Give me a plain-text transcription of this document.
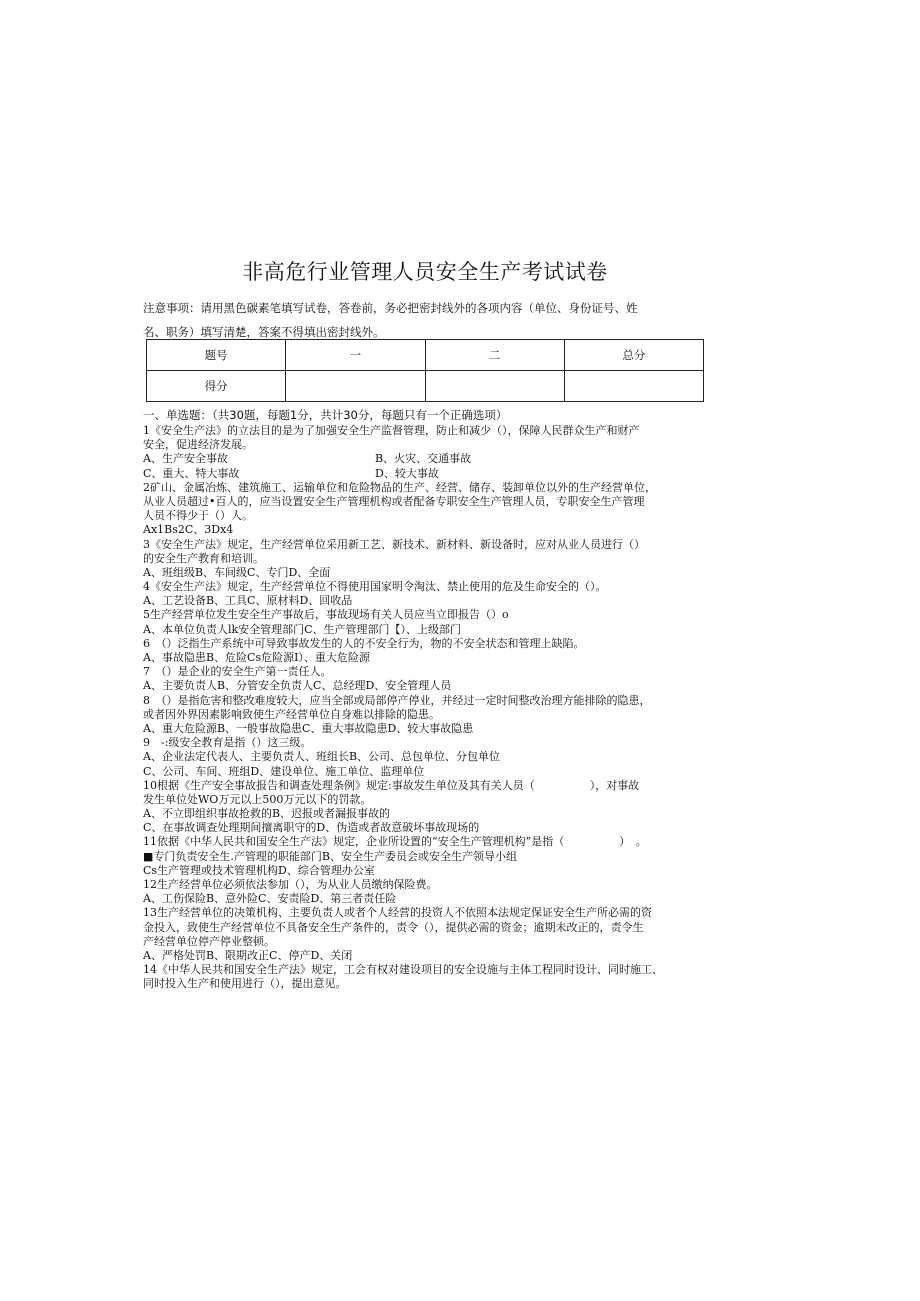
非高危行业管理人员安全生产考试试卷
注意事项：请用黑色碳素笔填写试卷，答卷前，务必把密封线外的各项内容（单位、身份证号、姓
名、职务）填写清楚，答案不得填出密封线外。
题号	一	二	总分
得分			
一、单选题：（共30题，每题1分，共计30分，每题只有一个正确选项）
1《安全生产法》的立法目的是为了加强安全生产监督管理，防止和减少（），保障人民群众生产和财产
安全，促进经济发展。
A、生产安全事故	B、火灾、交通事故
C、重大、特大事故	D、较大事故
2矿山、金属冶炼、建筑施工、运输单位和危险物品的生产、经营、储存、装卸单位以外的生产经营单位，
从业人员超过•百人的，应当设置安全生产管理机构或者配备专职安全生产管理人员，专职安全生产管理
人员不得少于（）人。
Ax1Bs2C、3Dx4
3《安全生产法》规定，生产经营单位采用新工艺、新技术、新材料、新设备时，应对从业人员进行（）
的安全生产教育和培训。
A、班组级B、车间级C、专门D、全面
4《安全生产法》规定，生产经营单位不得使用国家明令淘汰、禁止使用的危及生命安全的（）。
A、工艺设备B、工具C、原材料D、回收品
5生产经营单位发生安全生产事故后，事故现场有关人员应当立即报告（）o
A、本单位负责人lk安全管理部门C、生产管理部门【）、上级部门
6　（）泛指生产系统中可导致事故发生的人的不安全行为，物的不安全状态和管理上缺陷。
A、事故隐患B、危险Cs危险源I）、重大危险源
7　（）是企业的安全生产第一责任人。
A、主要负责人B、分管安全负责人C、总经理D、安全管理人员
8　（）是指危害和整改难度较大，应当全部或局部停产停业，并经过一定时间整改治理方能排除的隐患，
或者因外界因素影响致使生产经营单位自身难以排除的隐患。
A、重大危险源B、一般事故隐患C、重大事故隐患D、较大事故隐患
9　-:级安全教育是指（）这三级。
A、企业法定代表人、主要负责人、班组长B、公司、总包单位、分包单位
C、公司、车间、班组D、建设单位、施工单位、监理单位
10根据《生产安全事故报告和调查处理条例》规定:事故发生单位及其有关人员（　　　　　），对事故
发生单位处WO万元以上500万元以下的罚款。
A、不立即组织事故抢救的B、迟报或者漏报事故的
C、在事故调查处理期间擅离职守的D、伪造或者故意破坏事故现场的
11依据《中华人民共和国安全生产法》规定，企业所设置的“安全生产管理机构”是指（　　　　　）　。
■专门负责安全生.产管理的职能部门B、安全生产委员会或安全生产领导小组
Cs生产管理或技术管理机构D、综合管理办公室
12生产经营单位必须依法参加（），为从业人员缴纳保险费。
A、工伤保险B、意外险C、安责险D、第三者责任险
13生产经营单位的决策机构、主要负责人或者个人经营的投资人不依照本法规定保证安全生产所必需的资
金投入，致使生产经营单位不具备安全生产条件的，责令（），提供必需的资金；逾期未改正的，责令生
产经营单位停产停业整顿。
A、严格处罚B、限期改正C、停产D、关闭
14《中华人民共和国安全生产法》规定，工会有权对建设项目的安全设施与主体工程同时设计、同时施工、
同时投入生产和使用进行（），提出意见。
